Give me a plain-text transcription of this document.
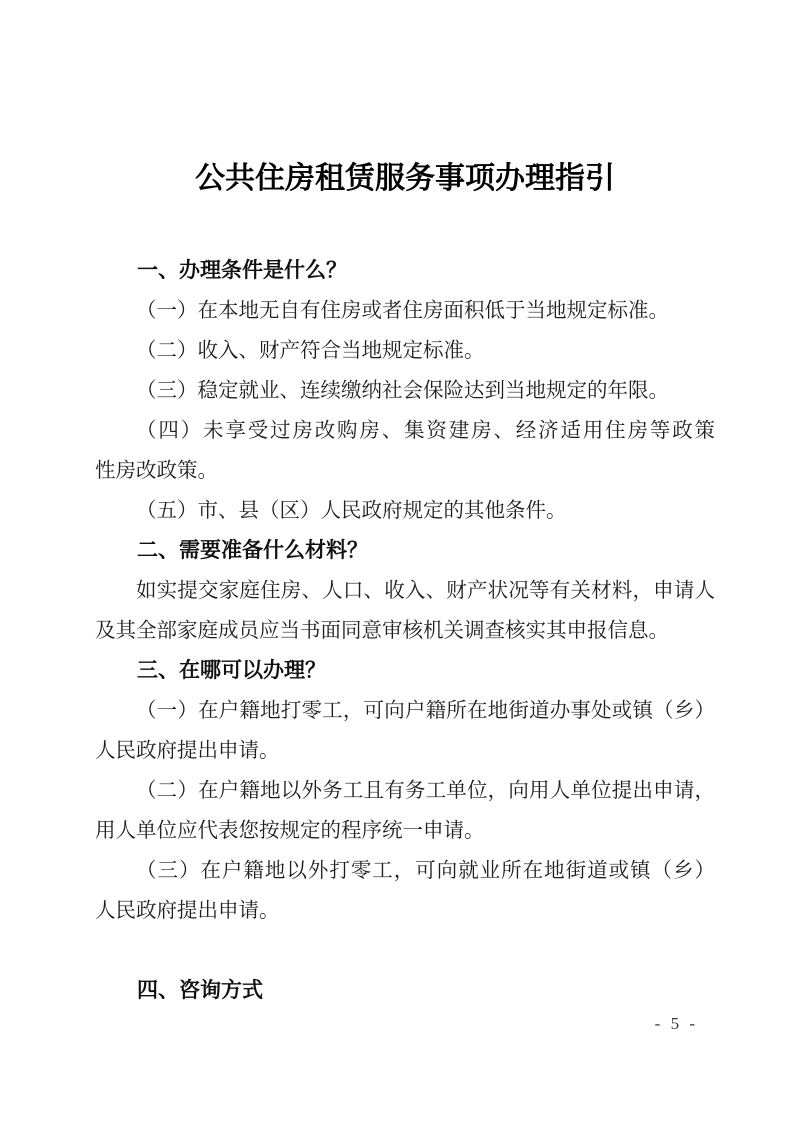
公共住房租赁服务事项办理指引

一、办理条件是什么？

（一）在本地无自有住房或者住房面积低于当地规定标准。

（二）收入、财产符合当地规定标准。

（三）稳定就业、连续缴纳社会保险达到当地规定的年限。

（四）未享受过房改购房、集资建房、经济适用住房等政策
性房改政策。

（五）市、县（区）人民政府规定的其他条件。

二、需要准备什么材料？

如实提交家庭住房、人口、收入、财产状况等有关材料，申请人
及其全部家庭成员应当书面同意审核机关调查核实其申报信息。

三、在哪可以办理？

（一）在户籍地打零工，可向户籍所在地街道办事处或镇（乡）
人民政府提出申请。

（二）在户籍地以外务工且有务工单位，向用人单位提出申请，
用人单位应代表您按规定的程序统一申请。

（三）在户籍地以外打零工，可向就业所在地街道或镇（乡）
人民政府提出申请。

四、咨询方式

- 5 -
